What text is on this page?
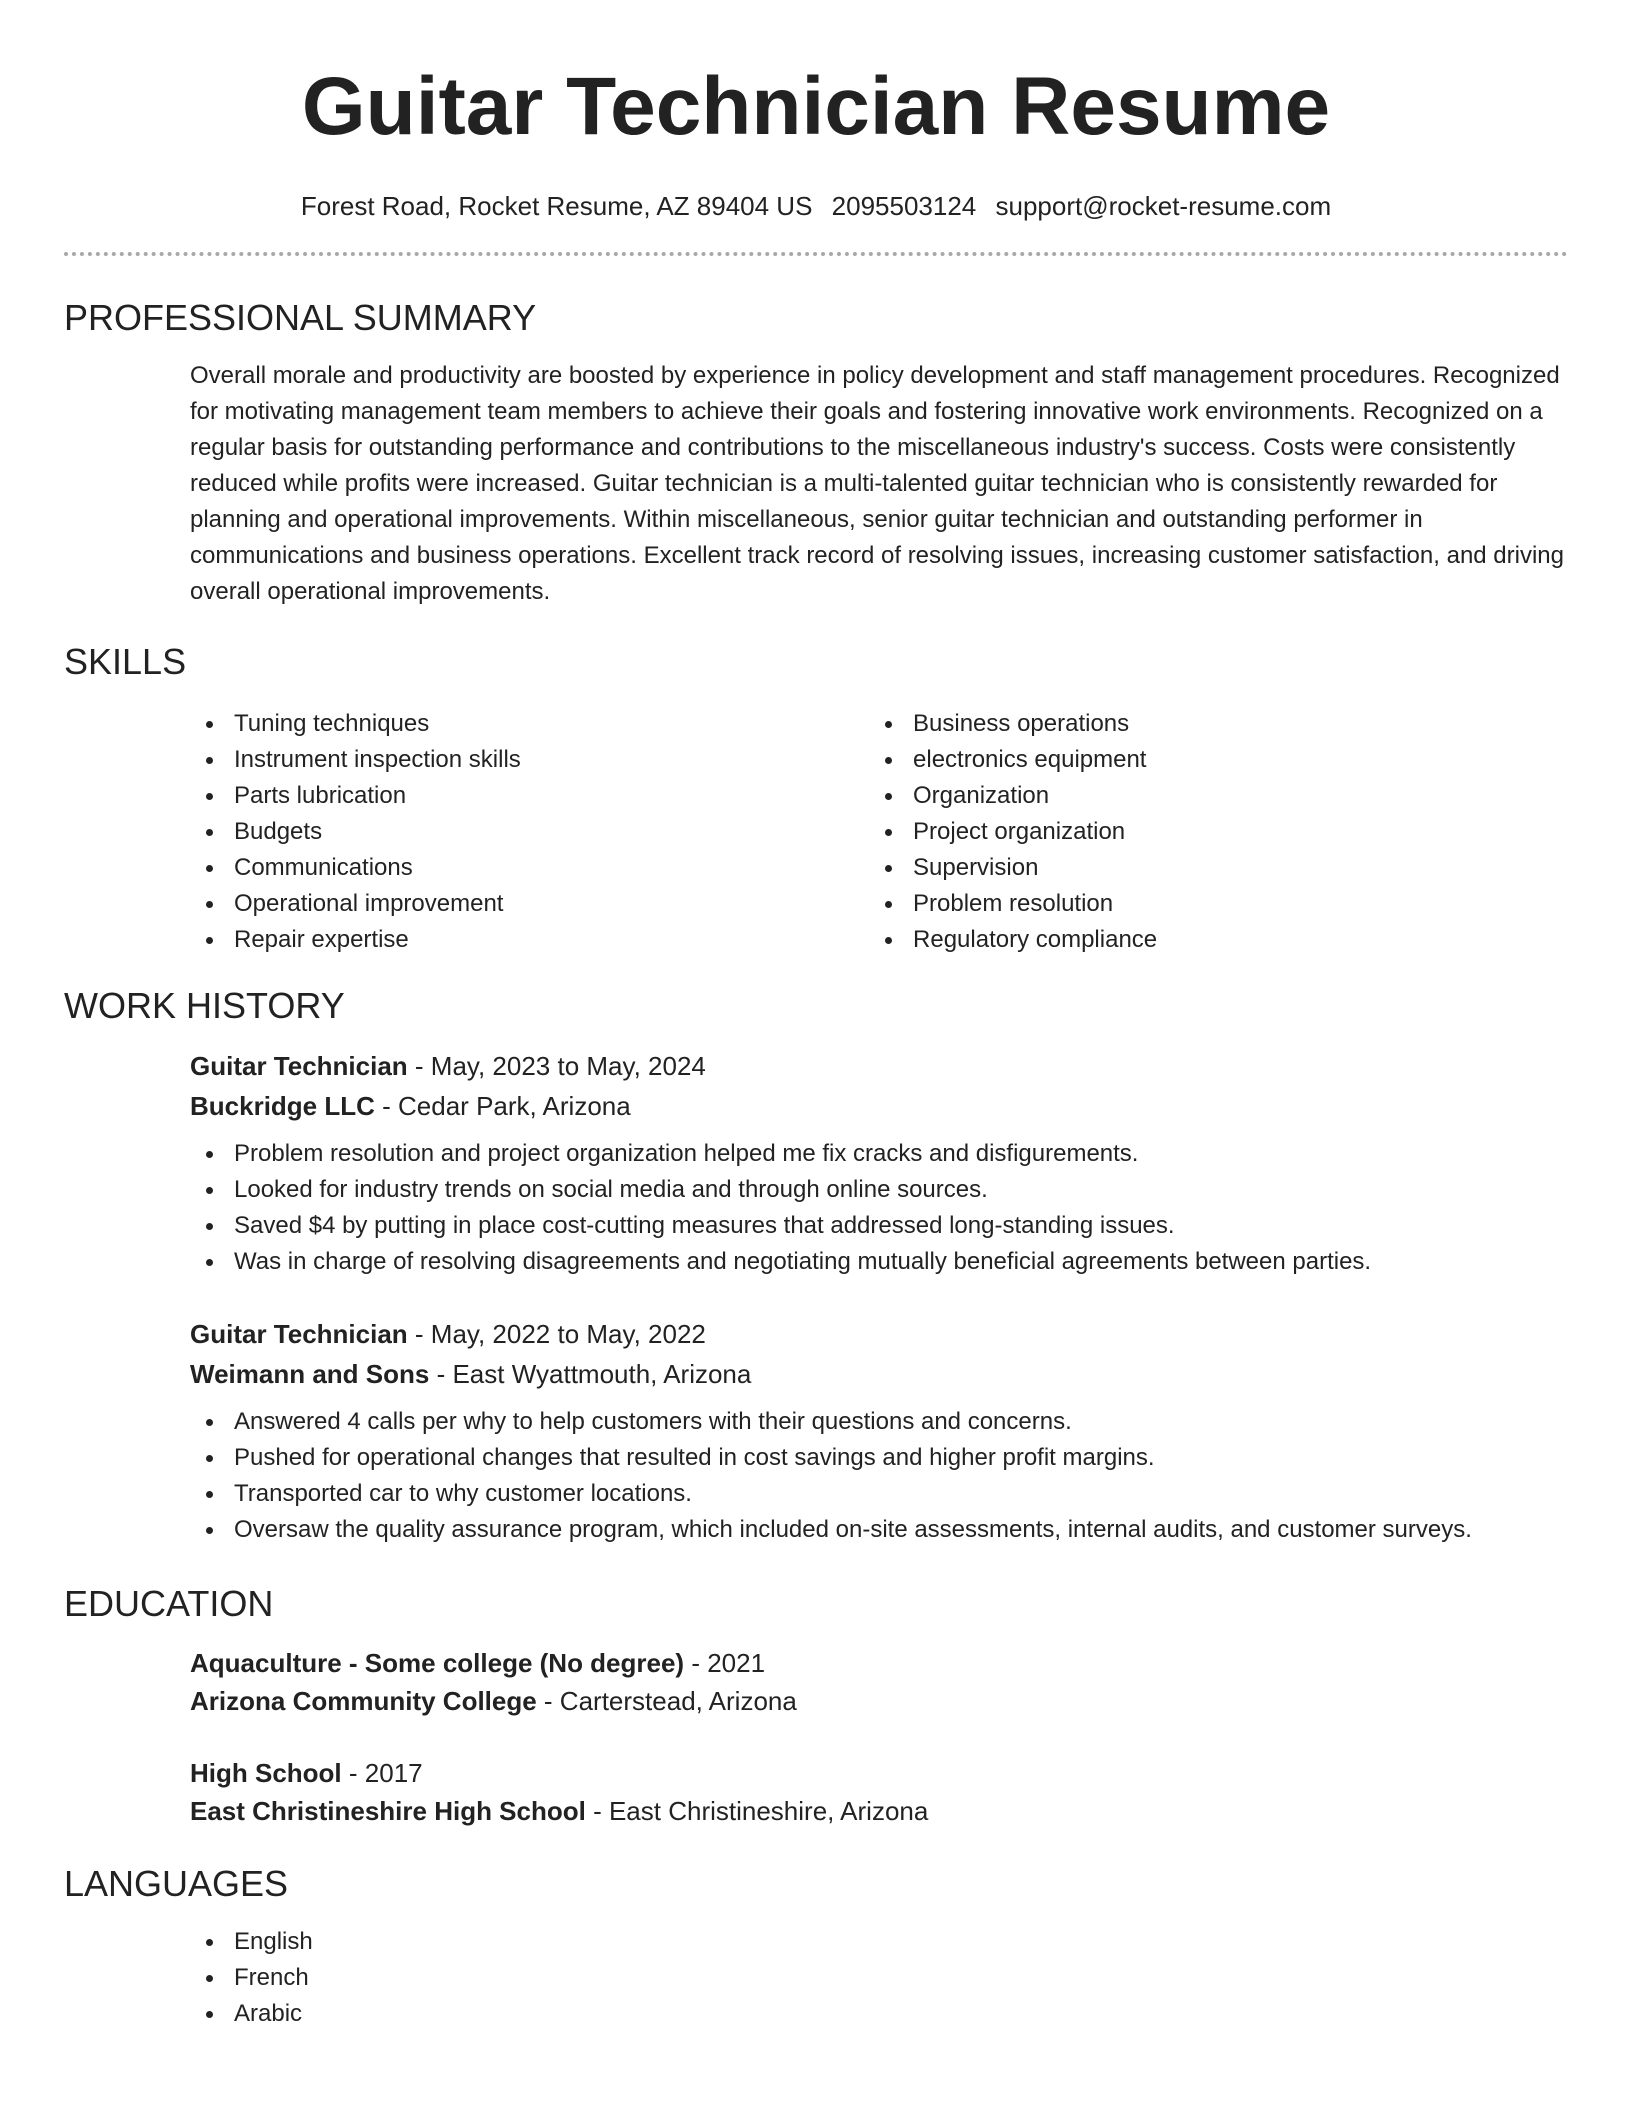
Guitar Technician Resume
Forest Road, Rocket Resume, AZ 89404 US 2095503124 support@rocket-resume.com
PROFESSIONAL SUMMARY
Overall morale and productivity are boosted by experience in policy development and staff management procedures. Recognized for motivating management team members to achieve their goals and fostering innovative work environments. Recognized on a regular basis for outstanding performance and contributions to the miscellaneous industry's success. Costs were consistently reduced while profits were increased. Guitar technician is a multi-talented guitar technician who is consistently rewarded for planning and operational improvements. Within miscellaneous, senior guitar technician and outstanding performer in communications and business operations. Excellent track record of resolving issues, increasing customer satisfaction, and driving overall operational improvements.
SKILLS
Tuning techniques
Instrument inspection skills
Parts lubrication
Budgets
Communications
Operational improvement
Repair expertise
Business operations
electronics equipment
Organization
Project organization
Supervision
Problem resolution
Regulatory compliance
WORK HISTORY
Guitar Technician - May, 2023 to May, 2024
Buckridge LLC - Cedar Park, Arizona
Problem resolution and project organization helped me fix cracks and disfigurements.
Looked for industry trends on social media and through online sources.
Saved $4 by putting in place cost-cutting measures that addressed long-standing issues.
Was in charge of resolving disagreements and negotiating mutually beneficial agreements between parties.
Guitar Technician - May, 2022 to May, 2022
Weimann and Sons - East Wyattmouth, Arizona
Answered 4 calls per why to help customers with their questions and concerns.
Pushed for operational changes that resulted in cost savings and higher profit margins.
Transported car to why customer locations.
Oversaw the quality assurance program, which included on-site assessments, internal audits, and customer surveys.
EDUCATION
Aquaculture - Some college (No degree) - 2021
Arizona Community College - Carterstead, Arizona
High School - 2017
East Christineshire High School - East Christineshire, Arizona
LANGUAGES
English
French
Arabic
